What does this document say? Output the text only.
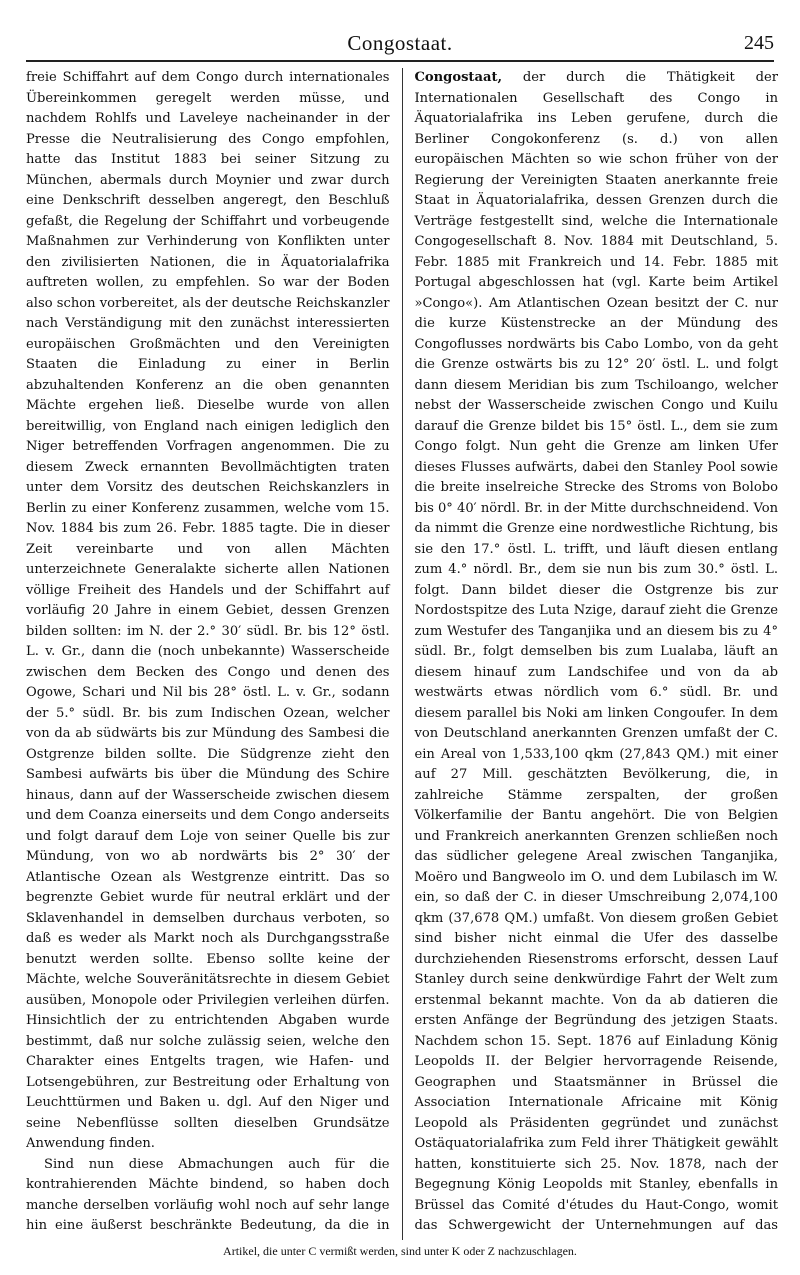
Congostaat.	245

freie Schiffahrt auf dem Congo durch internationales Übereinkommen geregelt werden müsse, und nachdem Rohlfs und Laveleye nacheinander in der Presse die Neutralisierung des Congo empfohlen, hatte das Institut 1883 bei seiner Sitzung zu München, abermals durch Moynier und zwar durch eine Denkschrift desselben angeregt, den Beschluß gefaßt, die Regelung der Schiffahrt und vorbeugende Maßnahmen zur Verhinderung von Konflikten unter den zivilisierten Nationen, die in Äquatorialafrika auftreten wollen, zu empfehlen. So war der Boden also schon vorbereitet, als der deutsche Reichskanzler nach Verständigung mit den zunächst interessierten europäischen Großmächten und den Vereinigten Staaten die Einladung zu einer in Berlin abzuhaltenden Konferenz an die oben genannten Mächte ergehen ließ. Dieselbe wurde von allen bereitwillig, von England nach einigen lediglich den Niger betreffenden Vorfragen angenommen. Die zu diesem Zweck ernannten Bevollmächtigten traten unter dem Vorsitz des deutschen Reichskanzlers in Berlin zu einer Konferenz zusammen, welche vom 15. Nov. 1884 bis zum 26. Febr. 1885 tagte. Die in dieser Zeit vereinbarte und von allen Mächten unterzeichnete Generalakte sicherte allen Nationen völlige Freiheit des Handels und der Schiffahrt auf vorläufig 20 Jahre in einem Gebiet, dessen Grenzen bilden sollten: im N. der 2.° 30′ südl. Br. bis 12° östl. L. v. Gr., dann die (noch unbekannte) Wasserscheide zwischen dem Becken des Congo und denen des Ogowe, Schari und Nil bis 28° östl. L. v. Gr., sodann der 5.° südl. Br. bis zum Indischen Ozean, welcher von da ab südwärts bis zur Mündung des Sambesi die Ostgrenze bilden sollte. Die Südgrenze zieht den Sambesi aufwärts bis über die Mündung des Schire hinaus, dann auf der Wasserscheide zwischen diesem und dem Coanza einerseits und dem Congo anderseits und folgt darauf dem Loje von seiner Quelle bis zur Mündung, von wo ab nordwärts bis 2° 30′ der Atlantische Ozean als Westgrenze eintritt. Das so begrenzte Gebiet wurde für neutral erklärt und der Sklavenhandel in demselben durchaus verboten, so daß es weder als Markt noch als Durchgangsstraße benutzt werden sollte. Ebenso sollte keine der Mächte, welche Souveränitätsrechte in diesem Gebiet ausüben, Monopole oder Privilegien verleihen dürfen. Hinsichtlich der zu entrichtenden Abgaben wurde bestimmt, daß nur solche zulässig seien, welche den Charakter eines Entgelts tragen, wie Hafen- und Lotsengebühren, zur Bestreitung oder Erhaltung von Leuchttürmen und Baken u. dgl. Auf den Niger und seine Nebenflüsse sollten dieselben Grundsätze Anwendung finden.

Sind nun diese Abmachungen auch für die kontrahierenden Mächte bindend, so haben doch manche derselben vorläufig wohl noch auf sehr lange hin eine äußerst beschränkte Bedeutung, da die in

Congostaat, der durch die Thätigkeit der Internationalen Gesellschaft des Congo in Äquatorialafrika ins Leben gerufene, durch die Berliner Congokonferenz (s. d.) von allen europäischen Mächten so wie schon früher von der Regierung der Vereinigten Staaten anerkannte freie Staat in Äquatorialafrika, dessen Grenzen durch die Verträge festgestellt sind, welche die Internationale Congogesellschaft 8. Nov. 1884 mit Deutschland, 5. Febr. 1885 mit Frankreich und 14. Febr. 1885 mit Portugal abgeschlossen hat (vgl. Karte beim Artikel »Congo«). Am Atlantischen Ozean besitzt der C. nur die kurze Küstenstrecke an der Mündung des Congoflusses nordwärts bis Cabo Lombo, von da geht die Grenze ostwärts bis zu 12° 20′ östl. L. und folgt dann diesem Meridian bis zum Tschiloango, welcher nebst der Wasserscheide zwischen Congo und Kuilu darauf die Grenze bildet bis 15° östl. L., dem sie zum Congo folgt. Nun geht die Grenze am linken Ufer dieses Flusses aufwärts, dabei den Stanley Pool sowie die breite inselreiche Strecke des Stroms von Bolobo bis 0° 40′ nördl. Br. in der Mitte durchschneidend. Von da nimmt die Grenze eine nordwestliche Richtung, bis sie den 17.° östl. L. trifft, und läuft diesen entlang zum 4.° nördl. Br., dem sie nun bis zum 30.° östl. L. folgt. Dann bildet dieser die Ostgrenze bis zur Nordostspitze des Luta Nzige, darauf zieht die Grenze zum Westufer des Tanganjika und an diesem bis zu 4° südl. Br., folgt demselben bis zum Lualaba, läuft an diesem hinauf zum Landschifee und von da ab westwärts etwas nördlich vom 6.° südl. Br. und diesem parallel bis Noki am linken Congoufer. In dem von Deutschland anerkannten Grenzen umfaßt der C. ein Areal von 1,533,100 qkm (27,843 QM.) mit einer auf 27 Mill. geschätzten Bevölkerung, die, in zahlreiche Stämme zerspalten, der großen Völkerfamilie der Bantu angehört. Die von Belgien und Frankreich anerkannten Grenzen schließen noch das südlicher gelegene Areal zwischen Tanganjika, Moëro und Bangweolo im O. und dem Lubilasch im W. ein, so daß der C. in dieser Umschreibung 2,074,100 qkm (37,678 QM.) umfaßt. Von diesem großen Gebiet sind bisher nicht einmal die Ufer des dasselbe durchziehenden Riesenstroms erforscht, dessen Lauf Stanley durch seine denkwürdige Fahrt der Welt zum erstenmal bekannt machte. Von da ab datieren die ersten Anfänge der Begründung des jetzigen Staats. Nachdem schon 15. Sept. 1876 auf Einladung König Leopolds II. der Belgier hervorragende Reisende, Geographen und Staatsmänner in Brüssel die Association Internationale Africaine mit König Leopold als Präsidenten gegründet und zunächst Ostäquatorialafrika zum Feld ihrer Thätigkeit gewählt hatten, konstituierte sich 25. Nov. 1878, nach der Begegnung König Leopolds mit Stanley, ebenfalls in Brüssel das Comité d'études du Haut-Congo, womit das Schwergewicht der Unternehmungen auf das

Artikel, die unter C vermißt werden, sind unter K oder Z nachzuschlagen.
